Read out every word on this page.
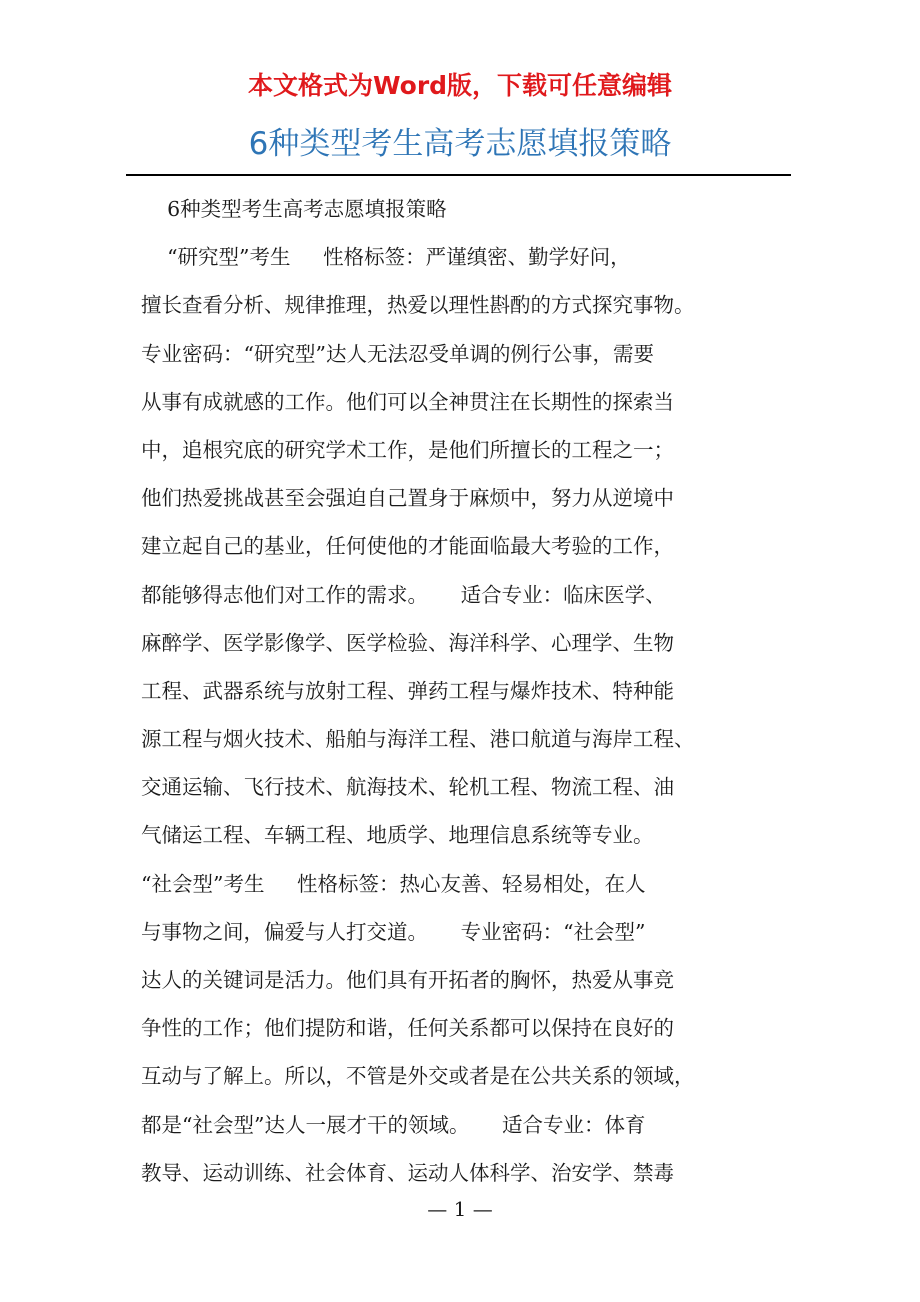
本文格式为Word版，下载可任意编辑
6种类型考生高考志愿填报策略
6种类型考生高考志愿填报策略
“研究型”考生     性格标签：严谨缜密、勤学好问，
擅长查看分析、规律推理，热爱以理性斟酌的方式探究事物。
专业密码：“研究型”达人无法忍受单调的例行公事，需要
从事有成就感的工作。他们可以全神贯注在长期性的探索当
中，追根究底的研究学术工作，是他们所擅长的工程之一；
他们热爱挑战甚至会强迫自己置身于麻烦中，努力从逆境中
建立起自己的基业，任何使他的才能面临最大考验的工作，
都能够得志他们对工作的需求。     适合专业：临床医学、
麻醉学、医学影像学、医学检验、海洋科学、心理学、生物
工程、武器系统与放射工程、弹药工程与爆炸技术、特种能
源工程与烟火技术、船舶与海洋工程、港口航道与海岸工程、
交通运输、飞行技术、航海技术、轮机工程、物流工程、油
气储运工程、车辆工程、地质学、地理信息系统等专业。
“社会型”考生     性格标签：热心友善、轻易相处，在人
与事物之间，偏爱与人打交道。     专业密码：“社会型”
达人的关键词是活力。他们具有开拓者的胸怀，热爱从事竞
争性的工作；他们提防和谐，任何关系都可以保持在良好的
互动与了解上。所以，不管是外交或者是在公共关系的领域，
都是“社会型”达人一展才干的领域。     适合专业：体育
教导、运动训练、社会体育、运动人体科学、治安学、禁毒
— 1 —
